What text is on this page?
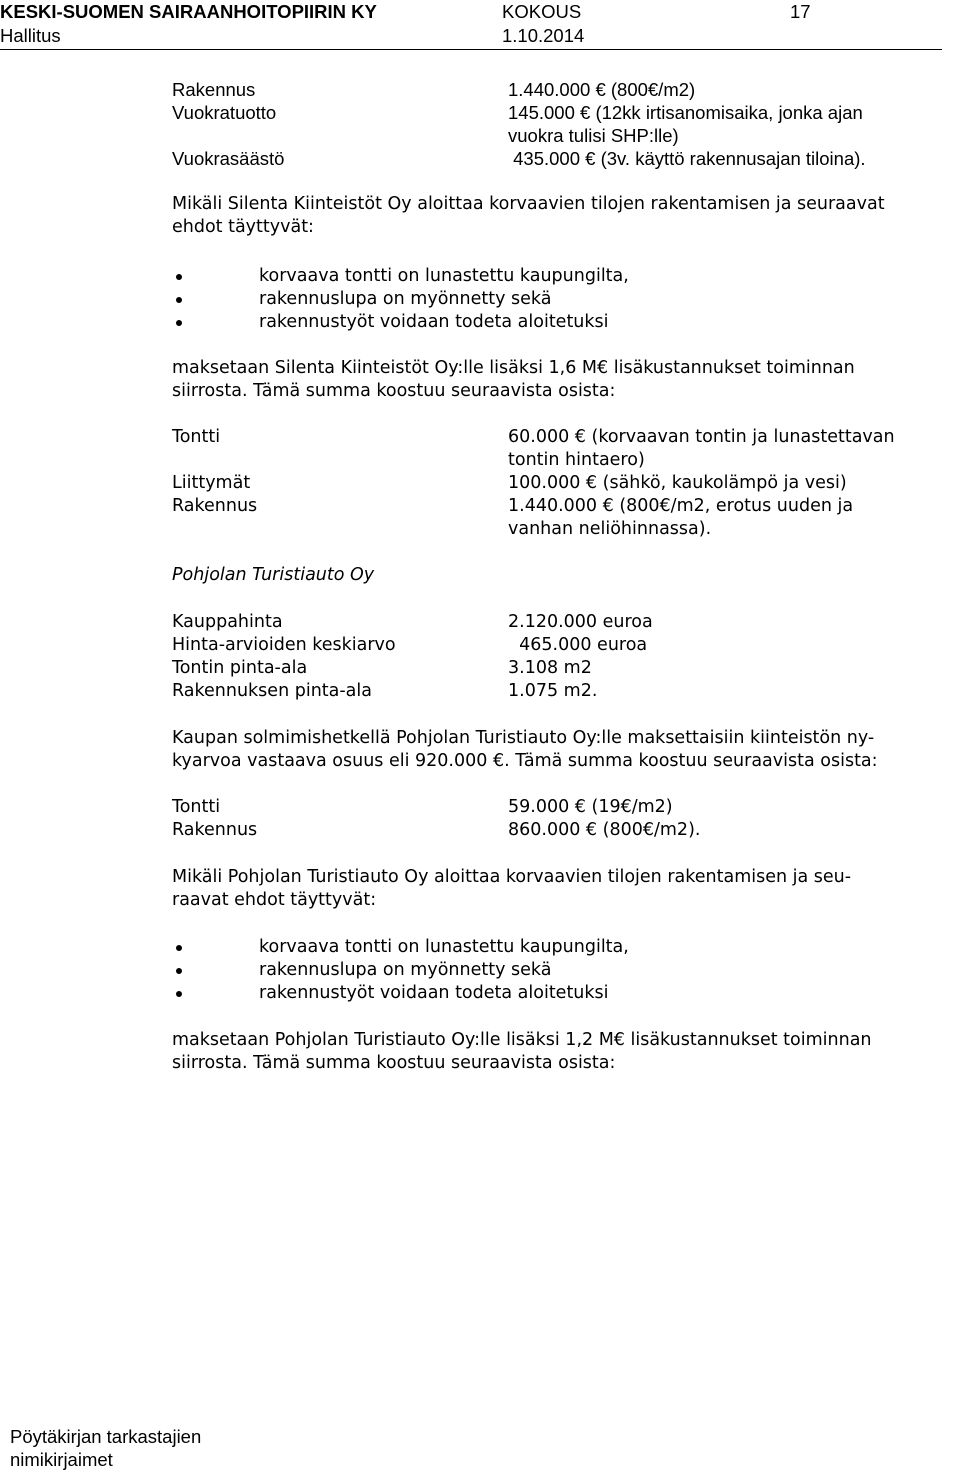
KESKI-SUOMEN SAIRAANHOITOPIIRIN KY	KOKOUS	17
Hallitus	1.10.2014
Rakennus	1.440.000 € (800€/m2)
Vuokratuotto	145.000 € (12kk irtisanomisaika, jonka ajan
vuokra tulisi SHP:lle)
Vuokrasäästö	435.000 € (3v. käyttö rakennusajan tiloina).
Mikäli Silenta Kiinteistöt Oy aloittaa korvaavien tilojen rakentamisen ja seuraavat
ehdot täyttyvät:
korvaava tontti on lunastettu kaupungilta,
rakennuslupa on myönnetty sekä
rakennustyöt voidaan todeta aloitetuksi
maksetaan Silenta Kiinteistöt Oy:lle lisäksi 1,6 M€ lisäkustannukset toiminnan
siirrosta. Tämä summa koostuu seuraavista osista:
Tontti	60.000 € (korvaavan tontin ja lunastettavan
tontin hintaero)
Liittymät	100.000 € (sähkö, kaukolämpö ja vesi)
Rakennus	1.440.000 € (800€/m2, erotus uuden ja
vanhan neliöhinnassa).
Pohjolan Turistiauto Oy
Kauppahinta	2.120.000 euroa
Hinta-arvioiden keskiarvo	465.000 euroa
Tontin pinta-ala	3.108 m2
Rakennuksen pinta-ala	1.075 m2.
Kaupan solmimishetkellä Pohjolan Turistiauto Oy:lle maksettaisiin kiinteistön ny-
kyarvoa vastaava osuus eli 920.000 €. Tämä summa koostuu seuraavista osista:
Tontti	59.000 € (19€/m2)
Rakennus	860.000 € (800€/m2).
Mikäli Pohjolan Turistiauto Oy aloittaa korvaavien tilojen rakentamisen ja seu-
raavat ehdot täyttyvät:
korvaava tontti on lunastettu kaupungilta,
rakennuslupa on myönnetty sekä
rakennustyöt voidaan todeta aloitetuksi
maksetaan Pohjolan Turistiauto Oy:lle lisäksi 1,2 M€ lisäkustannukset toiminnan
siirrosta. Tämä summa koostuu seuraavista osista:
Pöytäkirjan tarkastajien
nimikirjaimet
